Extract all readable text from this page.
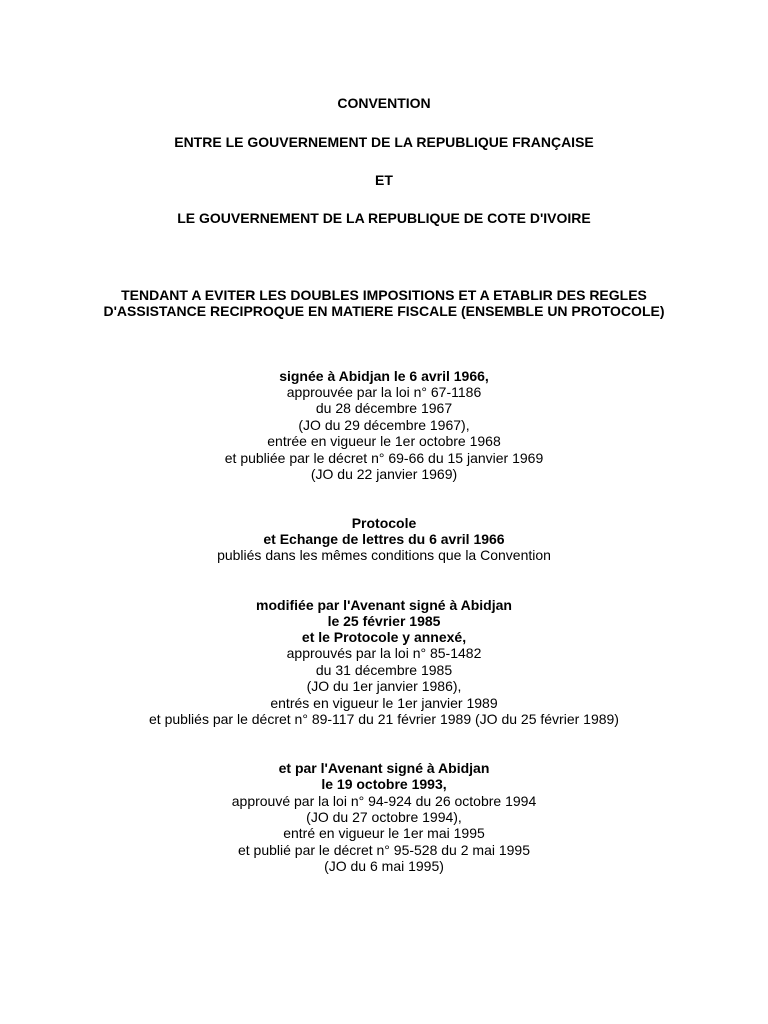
CONVENTION
ENTRE LE GOUVERNEMENT DE LA REPUBLIQUE FRANÇAISE
ET
LE GOUVERNEMENT DE LA REPUBLIQUE DE COTE D'IVOIRE
TENDANT A EVITER LES DOUBLES IMPOSITIONS ET A ETABLIR DES REGLES
D'ASSISTANCE RECIPROQUE EN MATIERE FISCALE (ENSEMBLE UN PROTOCOLE)
signée à Abidjan le 6 avril 1966,
approuvée par la loi n° 67-1186
du 28 décembre 1967
(JO du 29 décembre 1967),
entrée en vigueur le 1er octobre 1968
et publiée par le décret n° 69-66 du 15 janvier 1969
(JO du 22 janvier 1969)
Protocole
et Echange de lettres du 6 avril 1966
publiés dans les mêmes conditions que la Convention
modifiée par l'Avenant signé à Abidjan
le 25 février 1985
et le Protocole y annexé,
approuvés par la loi n° 85-1482
du 31 décembre 1985
(JO du 1er janvier 1986),
entrés en vigueur le 1er janvier 1989
et publiés par le décret n° 89-117 du 21 février 1989 (JO du 25 février 1989)
et par l'Avenant signé à Abidjan
le 19 octobre 1993,
approuvé par la loi n° 94-924 du 26 octobre 1994
(JO du 27 octobre 1994),
entré en vigueur le 1er mai 1995
et publié par le décret n° 95-528 du 2 mai 1995
(JO du 6 mai 1995)
